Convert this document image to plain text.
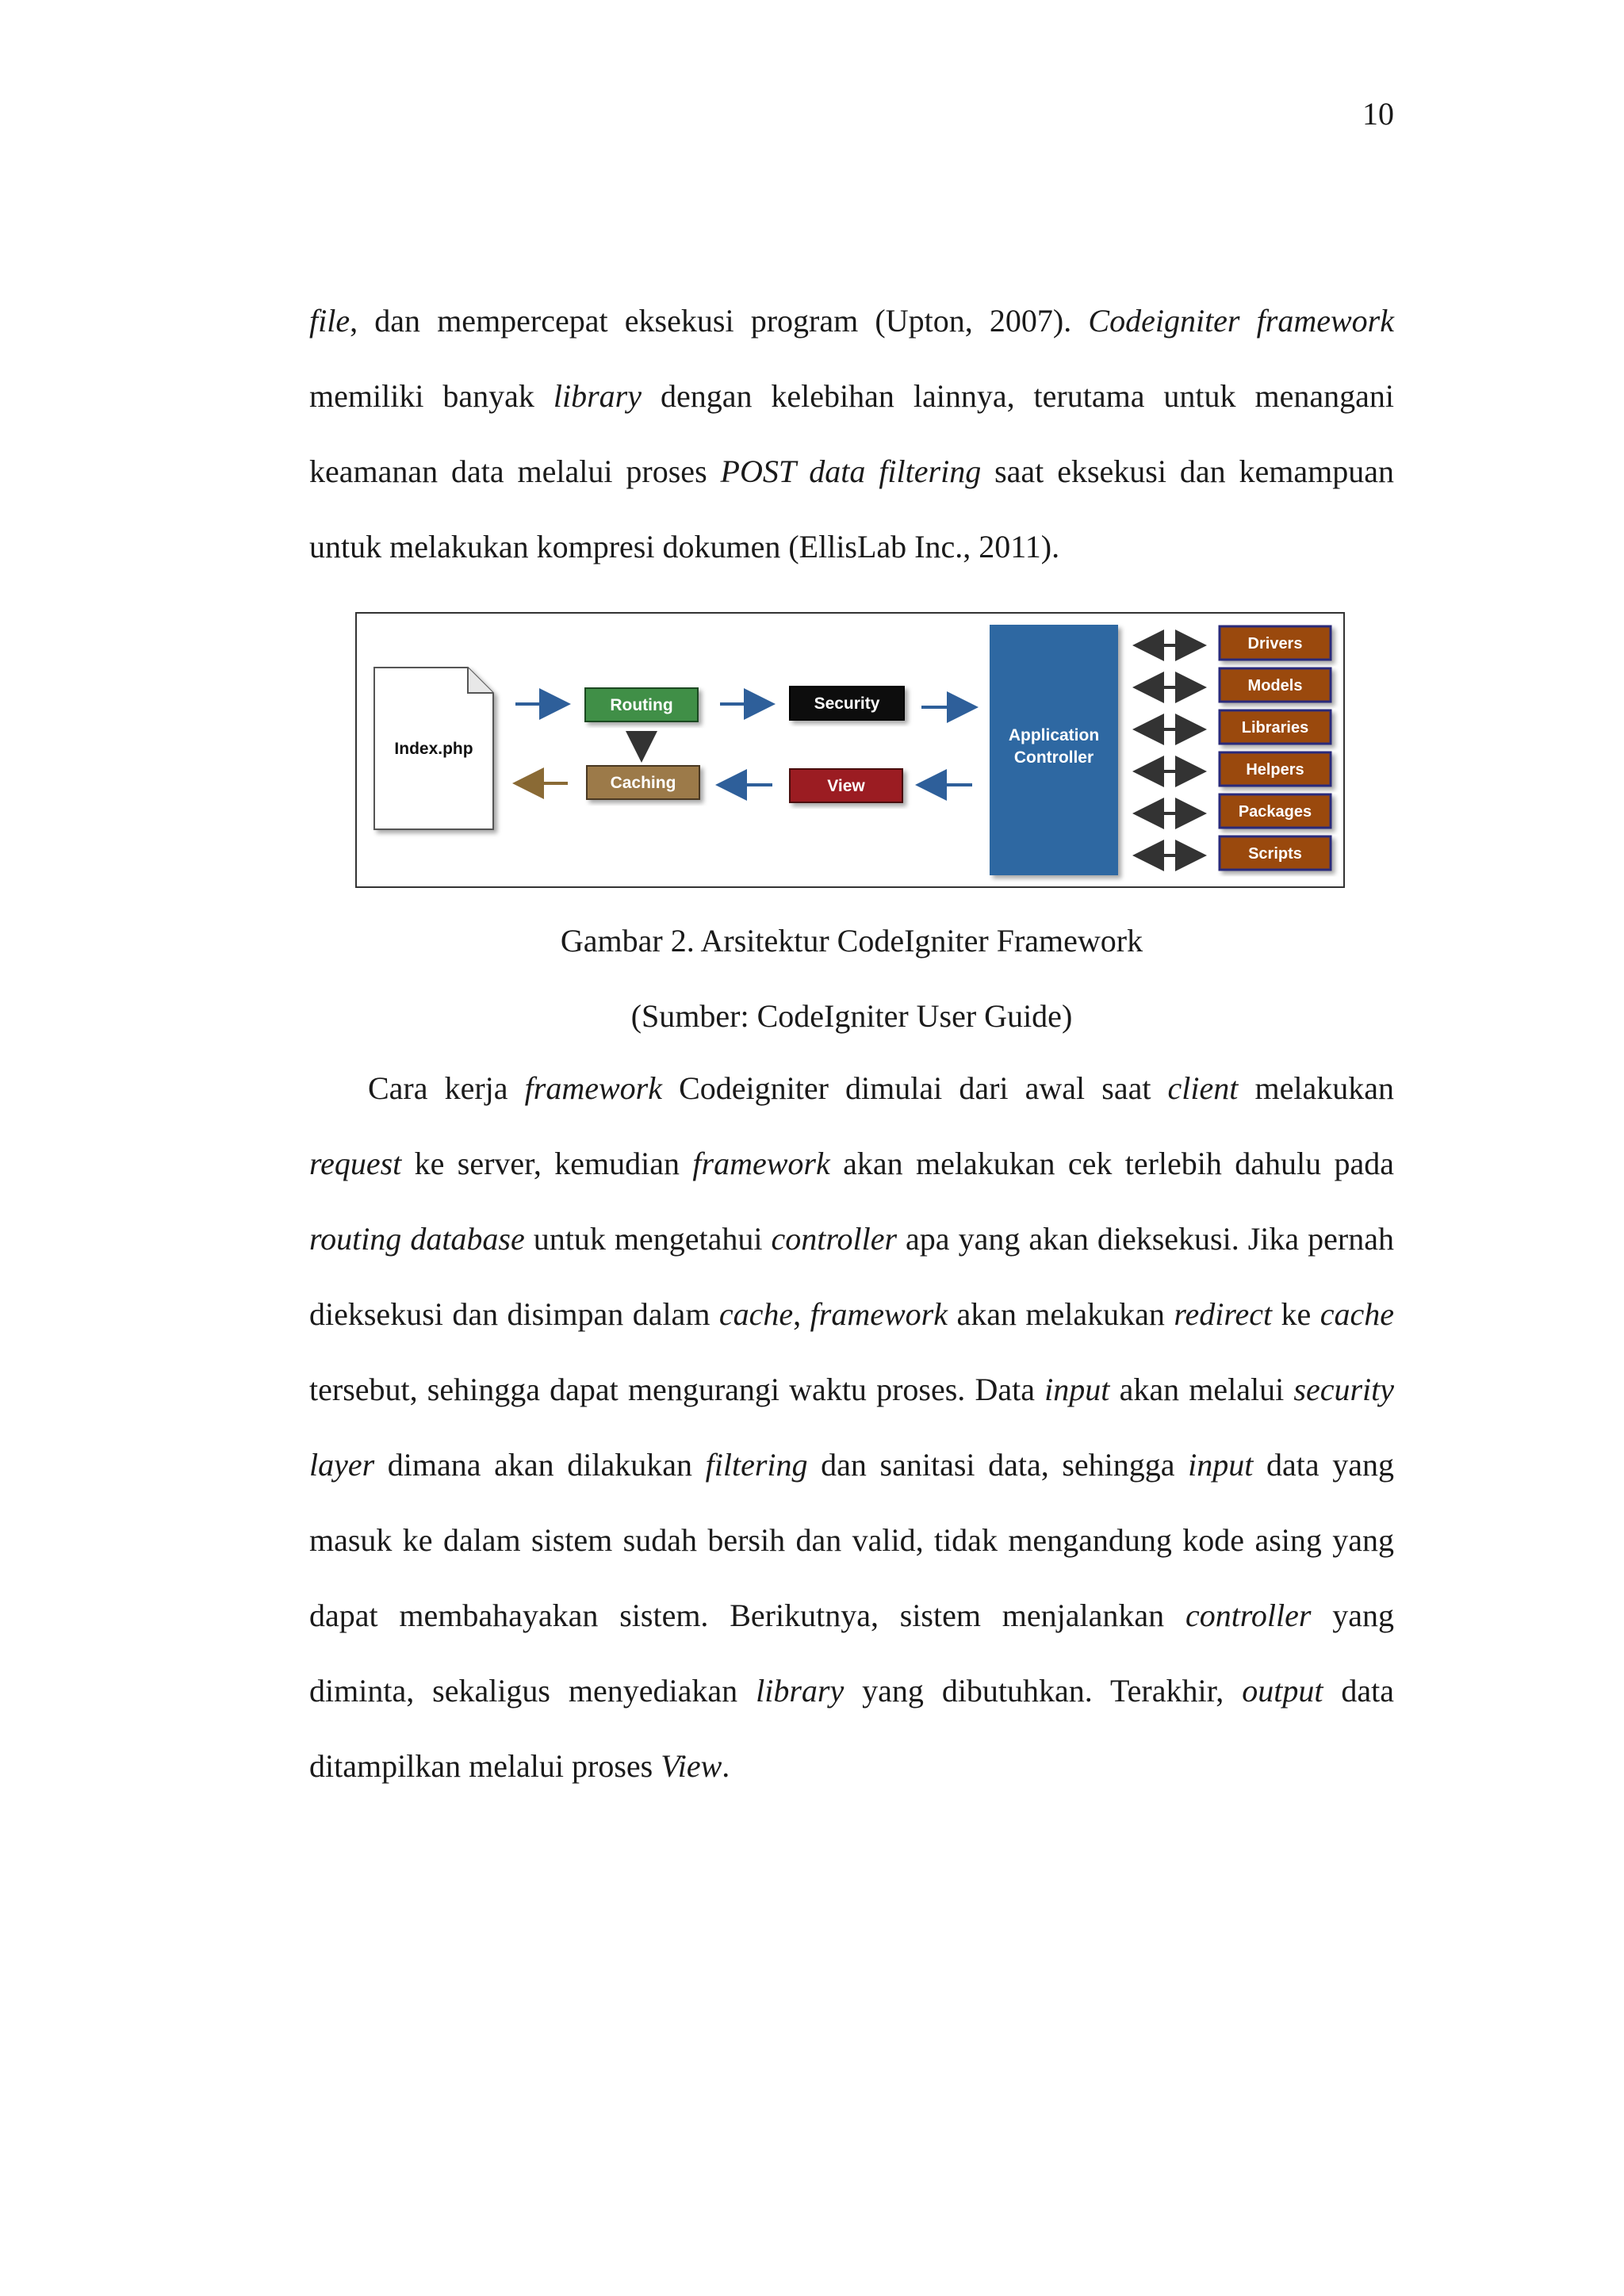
10

file, dan mempercepat eksekusi program (Upton, 2007). Codeigniter framework memiliki banyak library dengan kelebihan lainnya, terutama untuk menangani keamanan data melalui proses POST data filtering saat eksekusi dan kemampuan untuk melakukan kompresi dokumen (EllisLab Inc., 2011).

Index.php
Routing
Caching
Security
View
Application
Controller
Drivers
Models
Libraries
Helpers
Packages
Scripts
Gambar 2. Arsitektur CodeIgniter Framework
(Sumber: CodeIgniter User Guide)

Cara kerja framework Codeigniter dimulai dari awal saat client melakukan request ke server, kemudian framework akan melakukan cek terlebih dahulu pada routing database untuk mengetahui controller apa yang akan dieksekusi. Jika pernah dieksekusi dan disimpan dalam cache, framework akan melakukan redirect ke cache tersebut, sehingga dapat mengurangi waktu proses. Data input akan melalui security layer dimana akan dilakukan filtering dan sanitasi data, sehingga input data yang masuk ke dalam sistem sudah bersih dan valid, tidak mengandung kode asing yang dapat membahayakan sistem. Berikutnya, sistem menjalankan controller yang diminta, sekaligus menyediakan library yang dibutuhkan. Terakhir, output data ditampilkan melalui proses View.
